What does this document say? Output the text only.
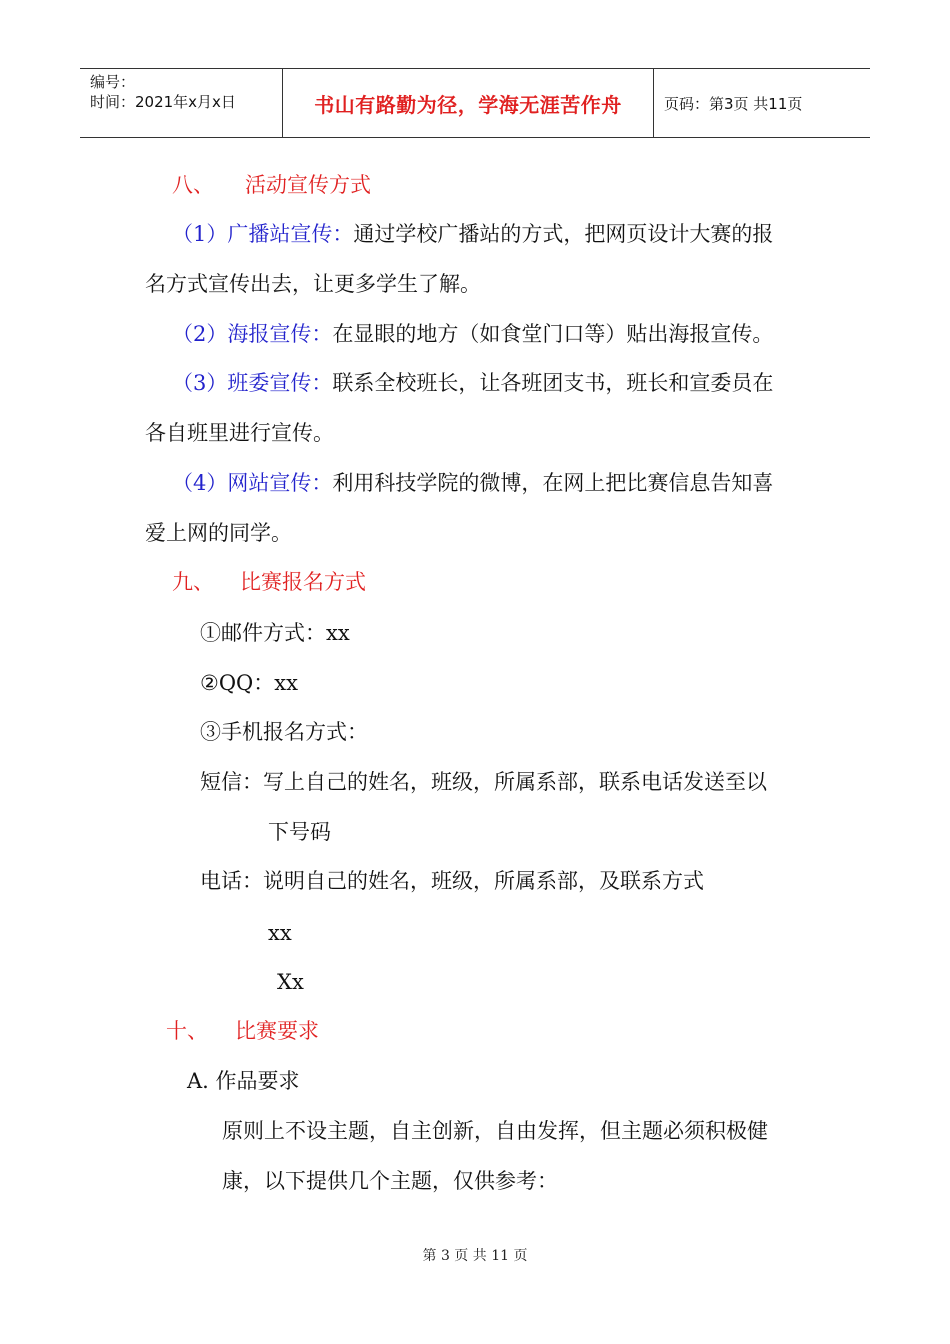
编号：
时间：2021年x月x日	书山有路勤为径，学海无涯苦作舟	页码：第3页 共11页
八、 活动宣传方式
（1）广播站宣传：通过学校广播站的方式，把网页设计大赛的报
名方式宣传出去，让更多学生了解。
（2）海报宣传：在显眼的地方（如食堂门口等）贴出海报宣传。
（3）班委宣传：联系全校班长，让各班团支书，班长和宣委员在
各自班里进行宣传。
（4）网站宣传：利用科技学院的微博，在网上把比赛信息告知喜
爱上网的同学。
九、 比赛报名方式
①邮件方式：xx
②QQ：xx
③手机报名方式：
短信：写上自己的姓名，班级，所属系部，联系电话发送至以
下号码
电话：说明自己的姓名，班级，所属系部，及联系方式
xx
Xx
十、 比赛要求
A. 作品要求
原则上不设主题，自主创新，自由发挥，但主题必须积极健
康，以下提供几个主题，仅供参考：
第 3 页 共 11 页
